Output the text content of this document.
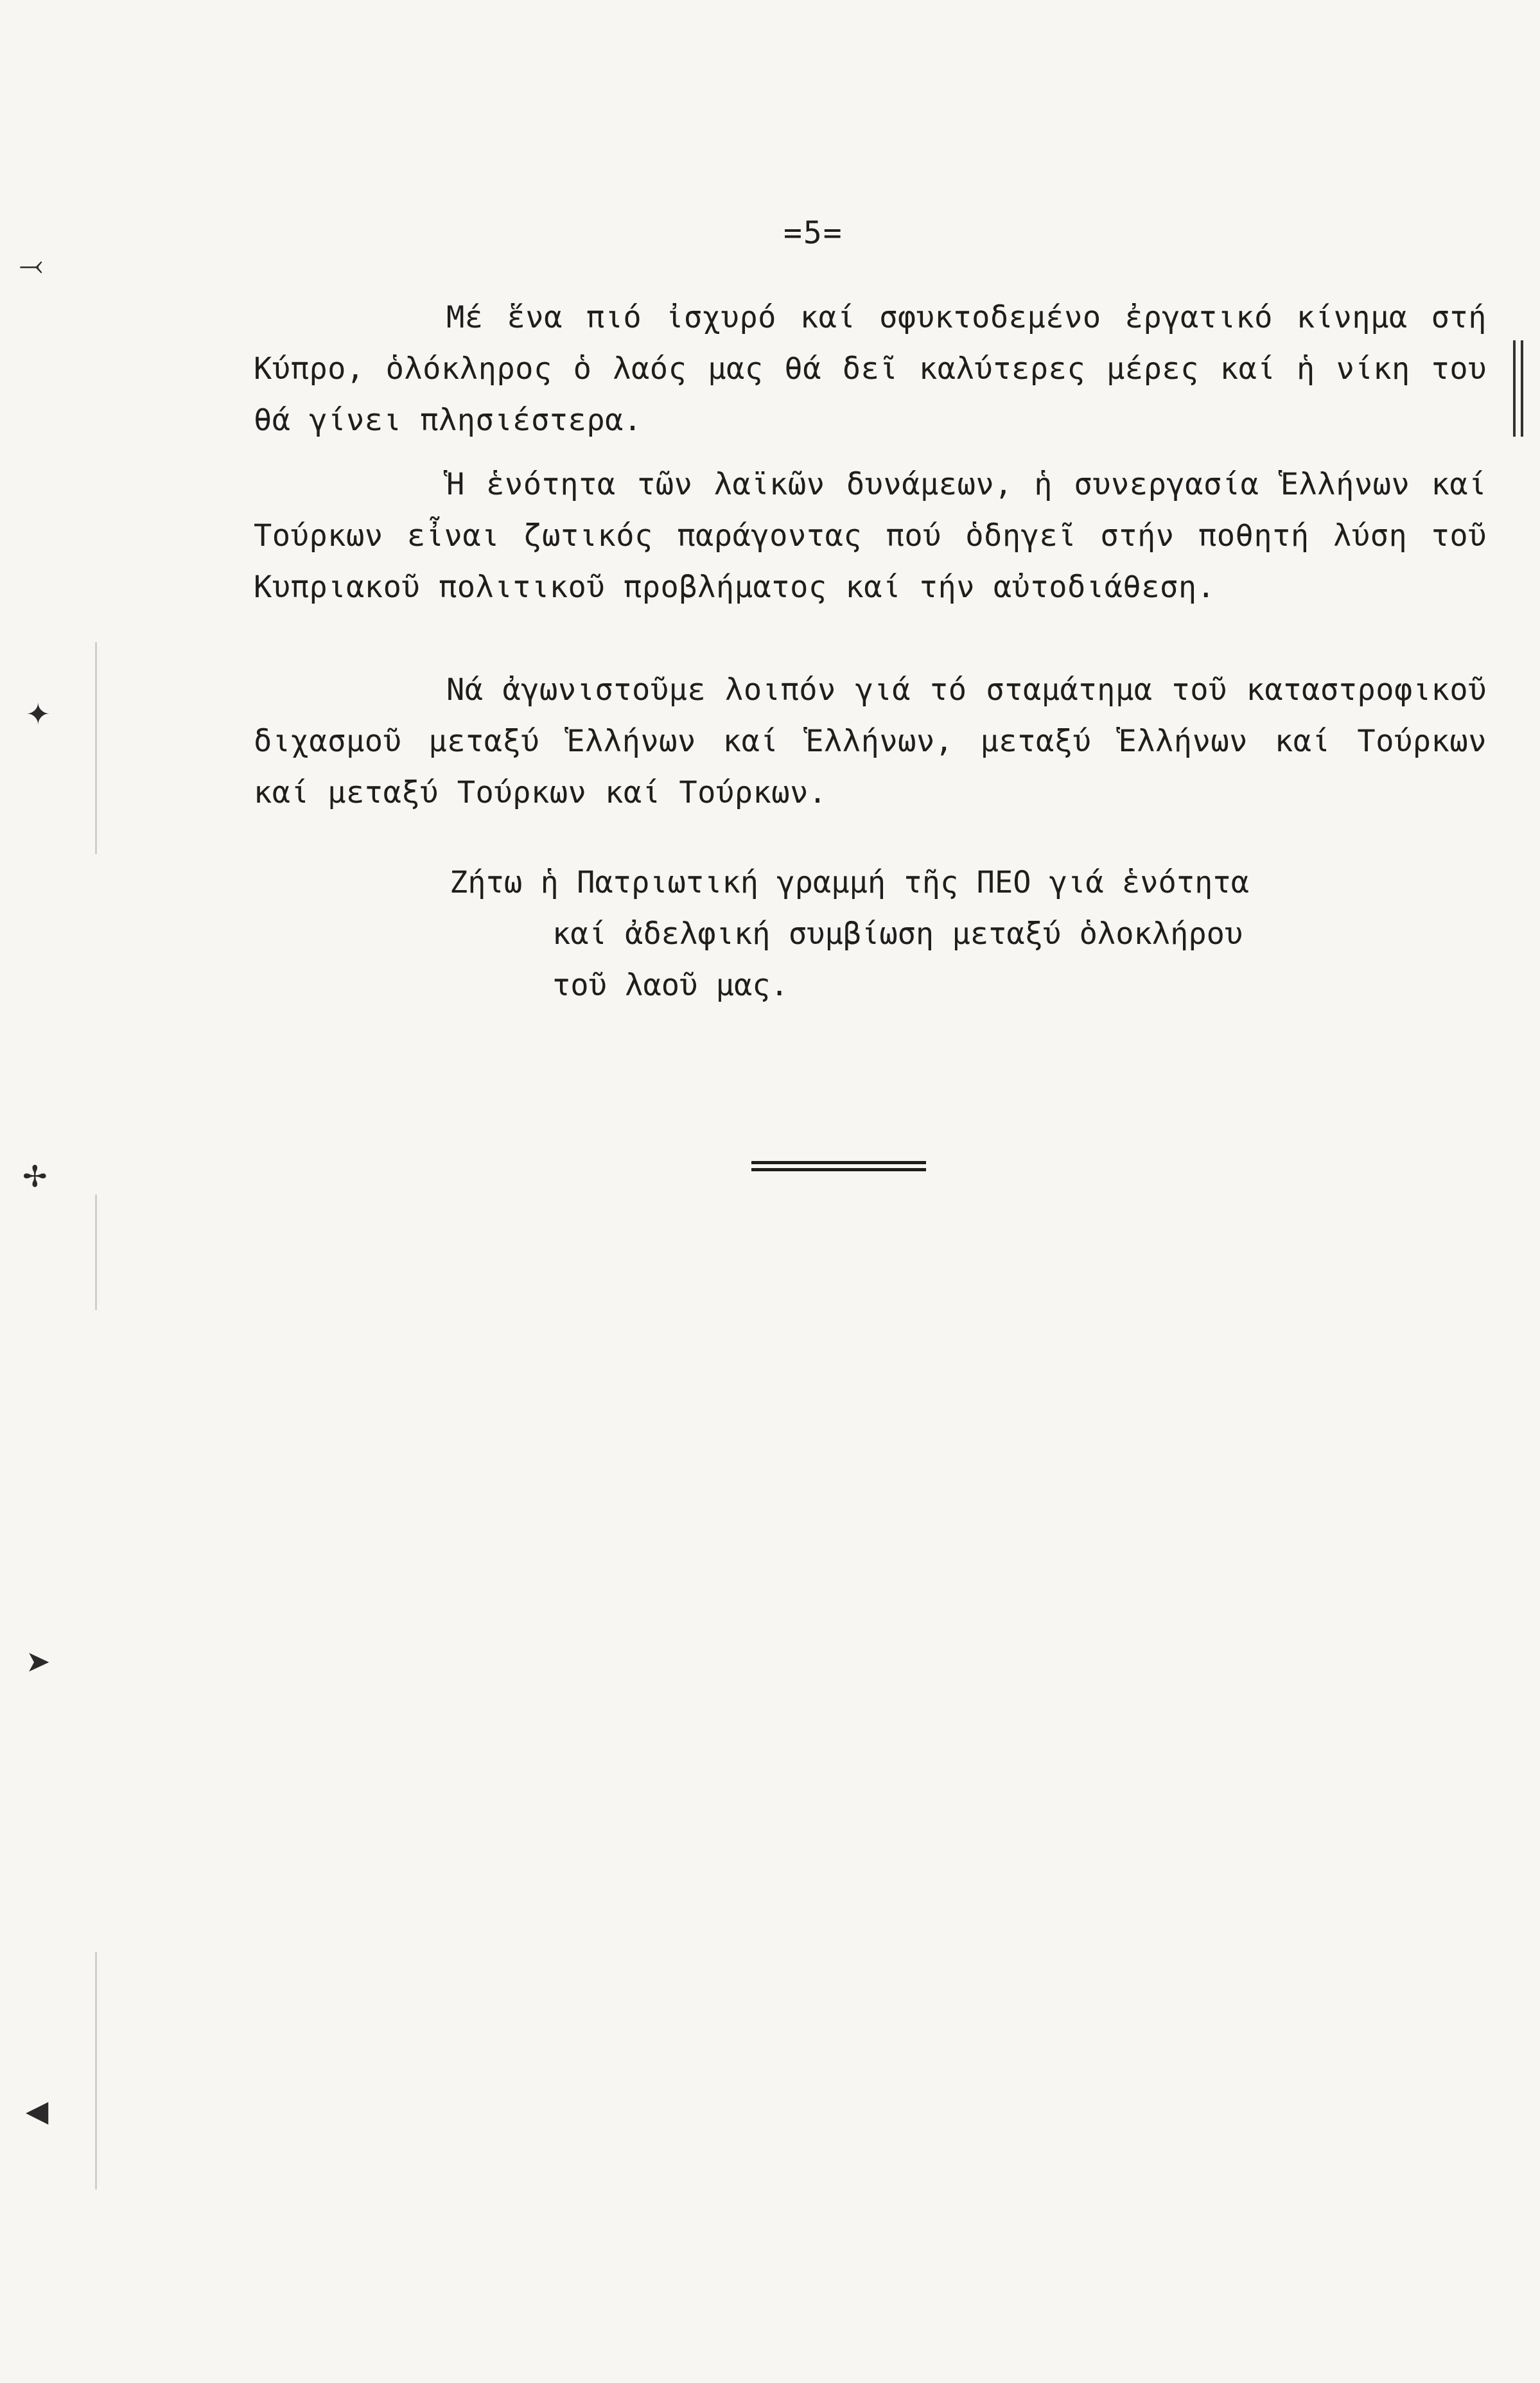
⤙
✦
✢
➤
◀
=5=

Μέ ἕνα πιό ἰσχυρό καί σφυκτοδεμένο ἐργατικό κίνημα στή Κύπρο, ὁλόκληρος ὁ λαός μας θά δεῖ καλύτερες μέρες καί ἡ νίκη του θά γίνει πλησιέστερα.

Ἡ ἑνότητα τῶν λαϊκῶν δυνάμεων, ἡ συνεργασία Ἑλλήνων καί Τούρκων εἶναι ζωτικός παράγοντας πού ὁδηγεῖ στήν ποθητή λύση τοῦ Κυπριακοῦ πολιτικοῦ προβλήματος καί τήν αὐτοδιάθεση.

Νά ἀγωνιστοῦμε λοιπόν γιά τό σταμάτημα τοῦ καταστροφικοῦ διχασμοῦ μεταξύ Ἑλλήνων καί Ἑλλήνων, μεταξύ Ἑλλήνων καί Τούρκων καί μεταξύ Τούρκων καί Τούρκων.

Ζήτω ἡ Πατριωτική γραμμή τῆς ΠΕΟ γιά ἑνότητα
καί ἀδελφική συμβίωση μεταξύ ὁλοκλήρου
τοῦ λαοῦ μας.
